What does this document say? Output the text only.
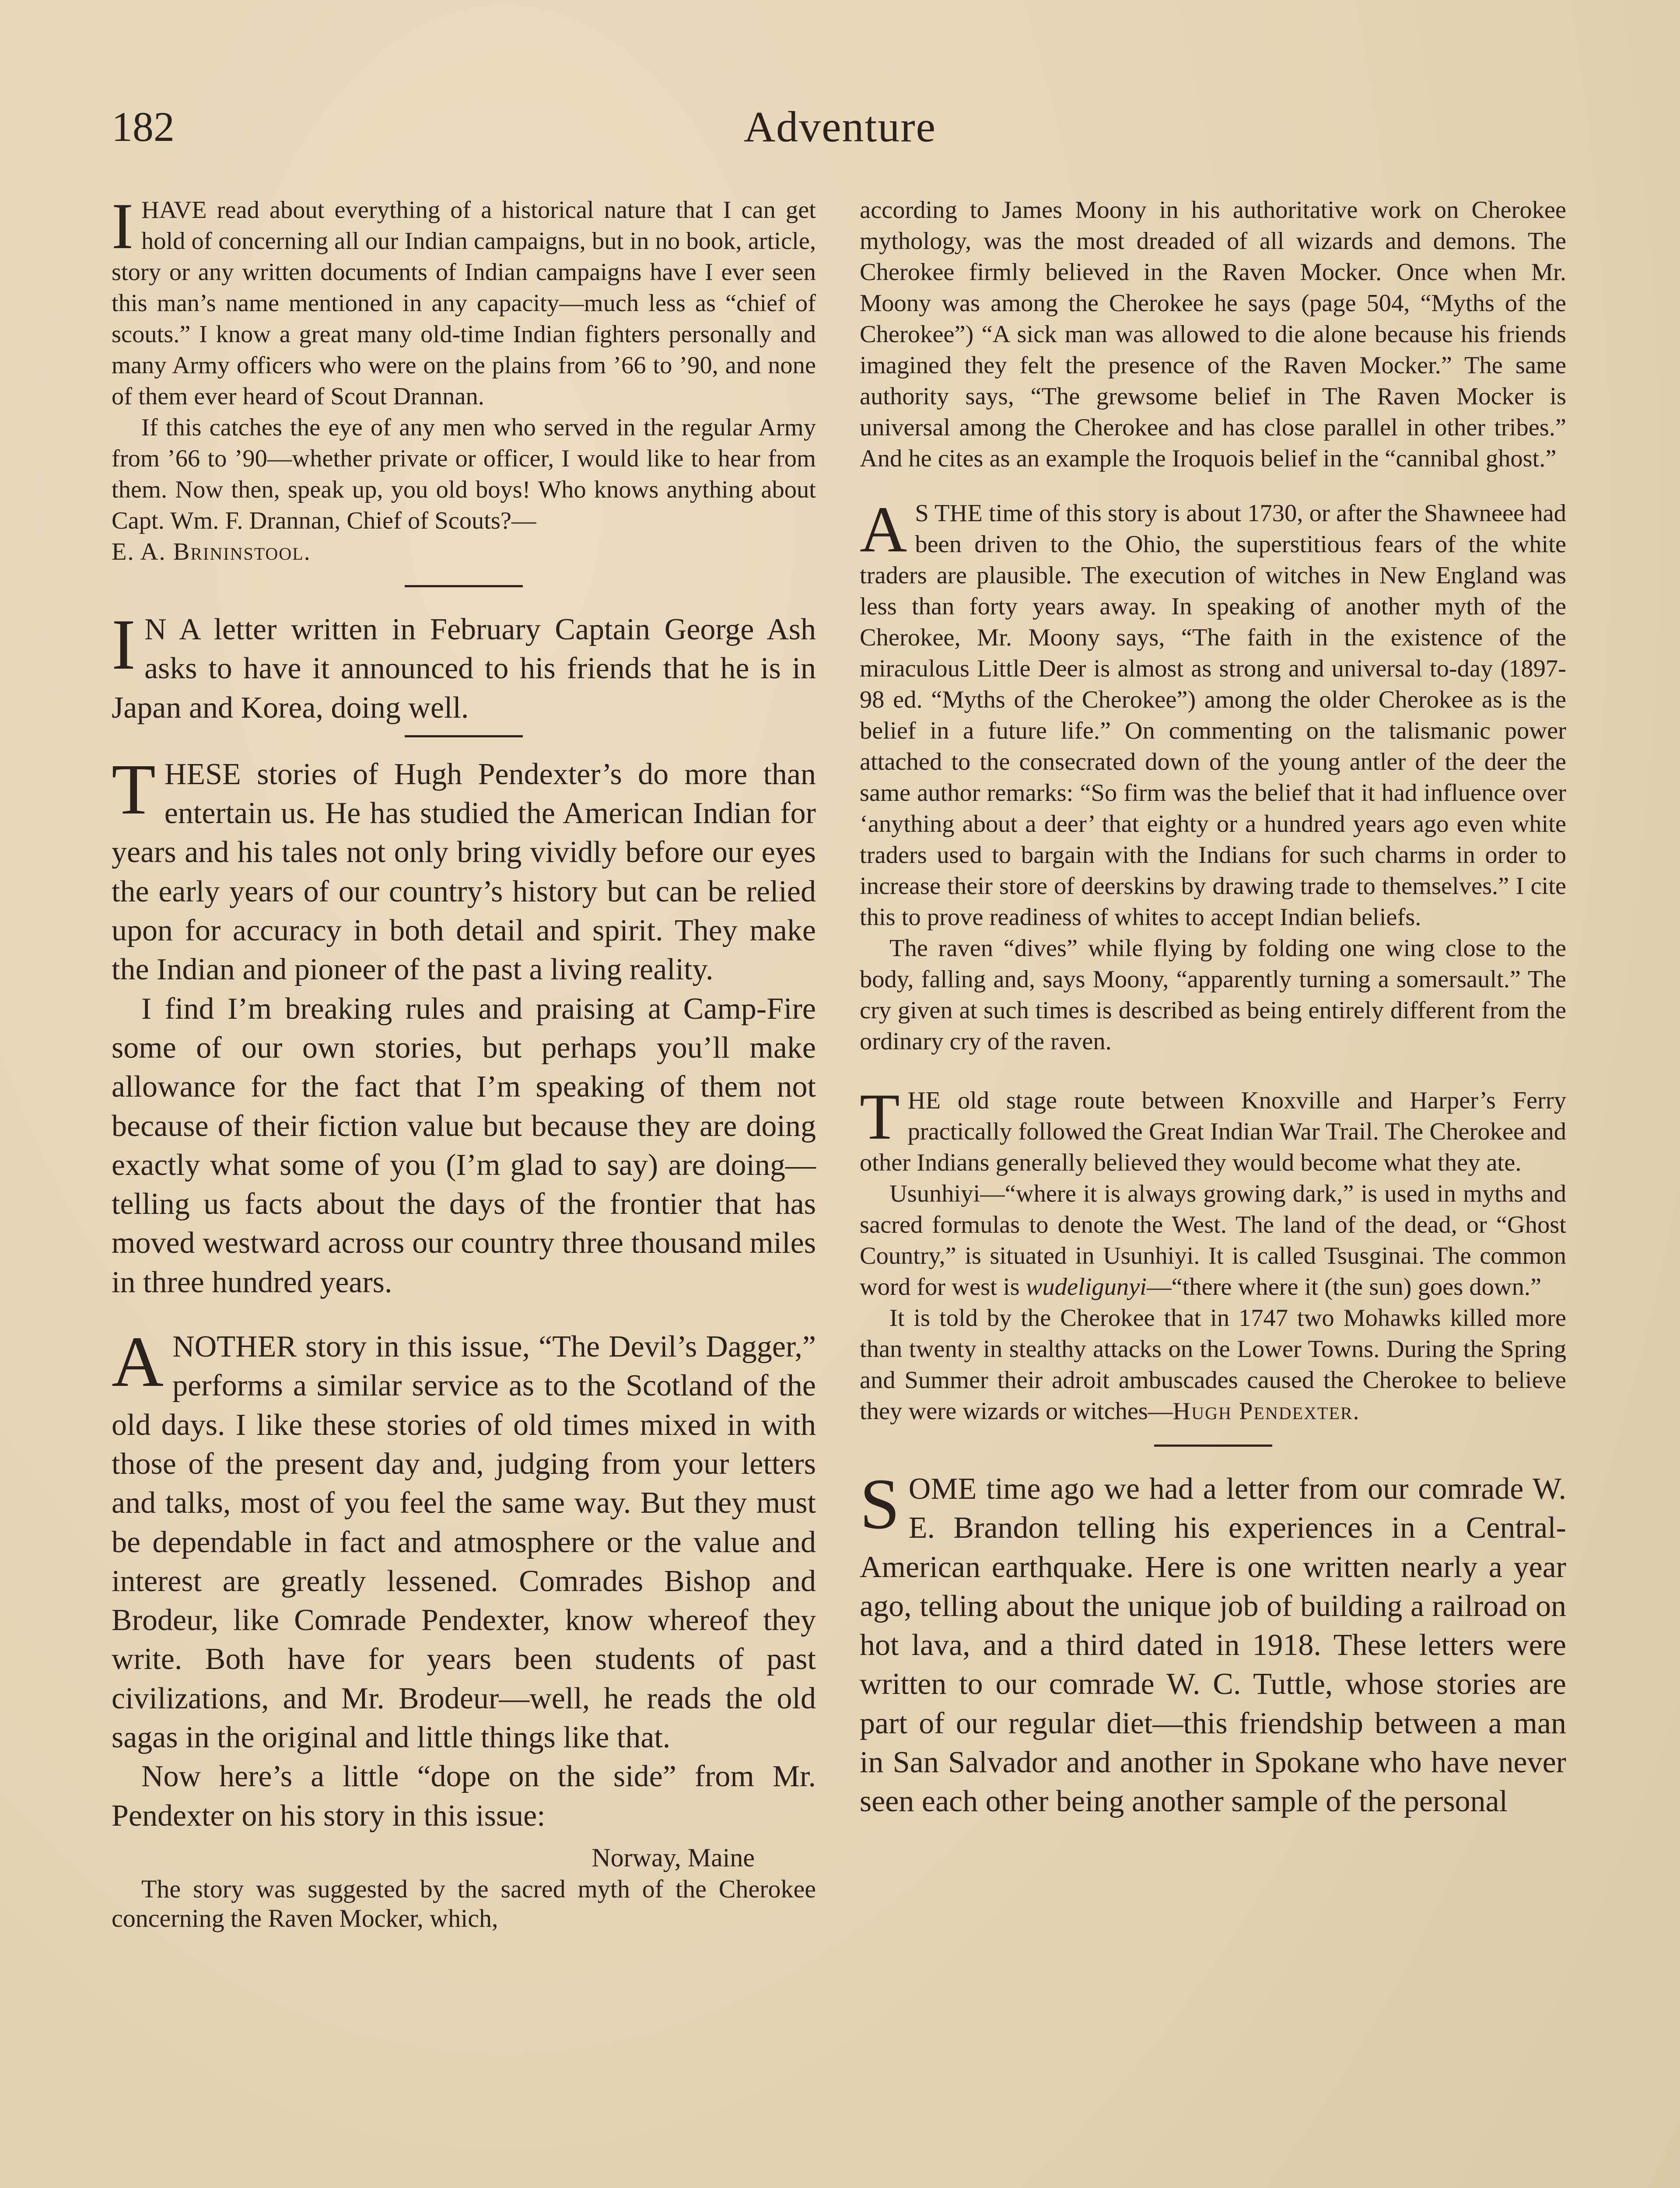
182	Adventure

IHAVE read about everything of a historical nature that I can get hold of concerning all our Indian campaigns, but in no book, article, story or any written documents of Indian campaigns have I ever seen this man’s name mentioned in any capacity—much less as “chief of scouts.” I know a great many old-time Indian fighters personally and many Army officers who were on the plains from ’66 to ’90, and none of them ever heard of Scout Drannan.

If this catches the eye of any men who served in the regular Army from ’66 to ’90—whether private or officer, I would like to hear from them. Now then, speak up, you old boys! Who knows anything about Capt. Wm. F. Drannan, Chief of Scouts?—
E. A. Brininstool.

I N A letter written in February Captain George Ash asks to have it announced to his friends that he is in Japan and Korea, doing well.

THESE stories of Hugh Pendexter’s do more than entertain us. He has studied the American Indian for years and his tales not only bring vividly before our eyes the early years of our country’s history but can be relied upon for accuracy in both detail and spirit. They make the Indian and pioneer of the past a living reality.

I find I’m breaking rules and praising at Camp-Fire some of our own stories, but perhaps you’ll make allowance for the fact that I’m speaking of them not because of their fiction value but because they are doing exactly what some of you (I’m glad to say) are doing—telling us facts about the days of the frontier that has moved westward across our country three thousand miles in three hundred years.

ANOTHER story in this issue, “The Devil’s Dagger,” performs a similar service as to the Scotland of the old days. I like these stories of old times mixed in with those of the present day and, judging from your letters and talks, most of you feel the same way. But they must be dependable in fact and atmosphere or the value and interest are greatly lessened. Comrades Bishop and Brodeur, like Comrade Pendexter, know whereof they write. Both have for years been students of past civilizations, and Mr. Brodeur—well, he reads the old sagas in the original and little things like that.

Now here’s a little “dope on the side” from Mr. Pendexter on his story in this issue:

Norway, Maine

The story was suggested by the sacred myth of the Cherokee concerning the Raven Mocker, which,

according to James Moony in his authoritative work on Cherokee mythology, was the most dreaded of all wizards and demons. The Cherokee firmly believed in the Raven Mocker. Once when Mr. Moony was among the Cherokee he says (page 504, “Myths of the Cherokee”) “A sick man was allowed to die alone because his friends imagined they felt the presence of the Raven Mocker.” The same authority says, “The grewsome belief in The Raven Mocker is universal among the Cherokee and has close parallel in other tribes.” And he cites as an example the Iroquois belief in the “cannibal ghost.”

A S THE time of this story is about 1730, or after the Shawneee had been driven to the Ohio, the superstitious fears of the white traders are plausible. The execution of witches in New England was less than forty years away. In speaking of another myth of the Cherokee, Mr. Moony says, “The faith in the existence of the miraculous Little Deer is almost as strong and universal to-day (1897-98 ed. “Myths of the Cherokee”) among the older Cherokee as is the belief in a future life.” On commenting on the talismanic power attached to the consecrated down of the young antler of the deer the same author remarks: “So firm was the belief that it had influence over ‘anything about a deer’ that eighty or a hundred years ago even white traders used to bargain with the Indians for such charms in order to increase their store of deerskins by drawing trade to themselves.” I cite this to prove readiness of whites to accept Indian beliefs.

The raven “dives” while flying by folding one wing close to the body, falling and, says Moony, “apparently turning a somersault.” The cry given at such times is described as being entirely different from the ordinary cry of the raven.

THE old stage route between Knoxville and Harper’s Ferry practically followed the Great Indian War Trail. The Cherokee and other Indians generally believed they would become what they ate.

Usunhiyi—“where it is always growing dark,” is used in myths and sacred formulas to denote the West. The land of the dead, or “Ghost Country,” is situated in Usunhiyi. It is called Tsusginai. The common word for west is wudeligunyi—“there where it (the sun) goes down.”

It is told by the Cherokee that in 1747 two Mohawks killed more than twenty in stealthy attacks on the Lower Towns. During the Spring and Summer their adroit ambuscades caused the Cherokee to believe they were wizards or witches—Hugh Pendexter.

SOME time ago we had a letter from our comrade W. E. Brandon telling his experiences in a Central-American earthquake. Here is one written nearly a year ago, telling about the unique job of building a railroad on hot lava, and a third dated in 1918. These letters were written to our comrade W. C. Tuttle, whose stories are part of our regular diet—this friendship between a man in San Salvador and another in Spokane who have never seen each other being another sample of the personal
